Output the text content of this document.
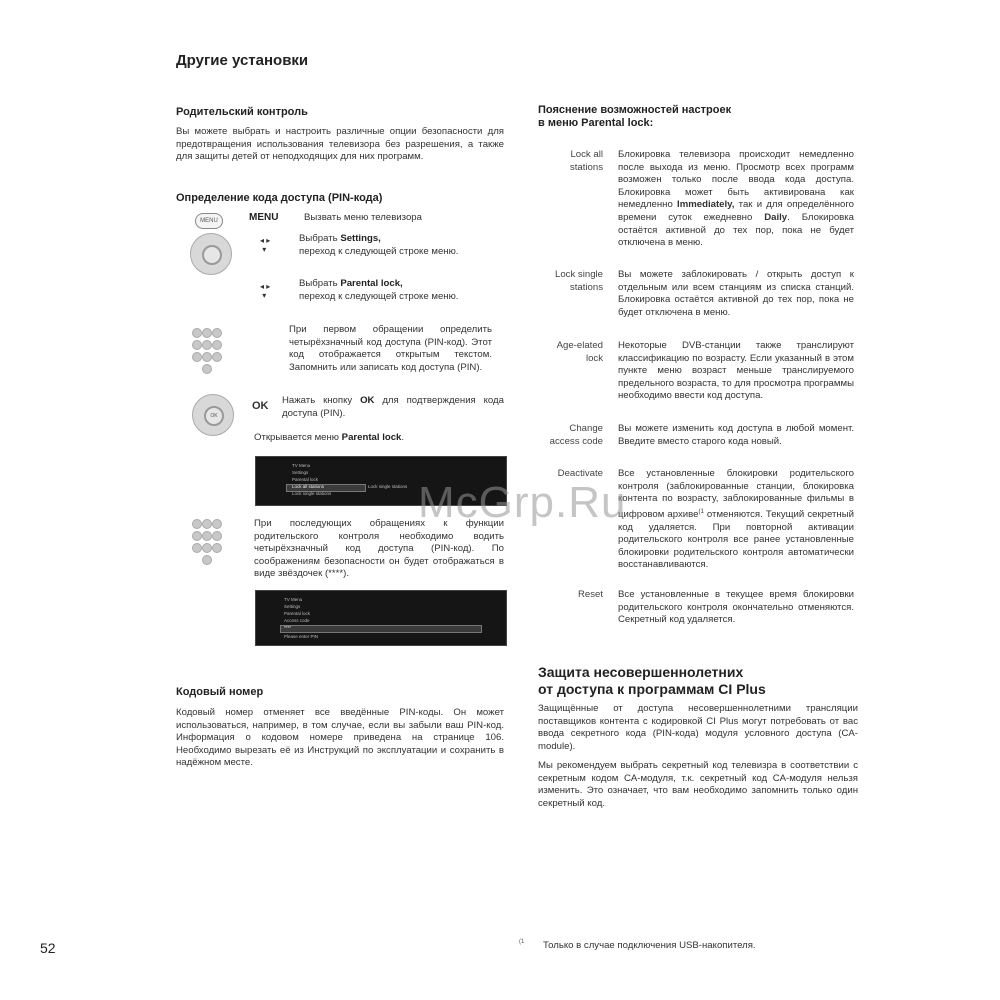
Другие установки
Родительский контроль
Вы можете выбрать и настроить различные опции безопасности для предотвращения использования телевизора без разрешения, а также для защиты детей от неподходящих для них программ.
Определение кода доступа (PIN-кода)
MENU	MENU	Вызвать меню телевизора
◂ ▸
▾
Выбрать Settings,
переход к следующей строке меню.
◂ ▸
▾
Выбрать Parental lock,
переход к следующей строке меню.
При первом обращении определить четырёхзначный код доступа (PIN-код). Этот код отображается открытым текстом. Запомнить или записать код доступа (PIN).
OK
OK Нажать кнопку OK для подтверждения кода доступа (PIN).
Открывается меню Parental lock.
TV Menu
Settings
Parental lock
Lock all stations
Lock single stations
Lock single stations
При последующих обращениях к функции родительского контроля необходимо водить четырёхзначный код доступа (PIN-код). По соображениям безопасности он будет отображаться в виде звёздочек (****).
TV Menu
Settings
Parental lock
Access code
****
Please enter PIN
Кодовый номер
Кодовый номер отменяет все введённые PIN-коды. Он может использоваться, например, в том случае, если вы забыли ваш PIN-код. Информация о кодовом номере приведена на странице 106. Необходимо вырезать её из Инструкций по эксплуатации и сохранить в надёжном месте.
Пояснение возможностей настроек
в меню Parental lock:
Lock all stations
Блокировка телевизора происходит немедленно после выхода из меню. Просмотр всех программ возможен только после ввода кода доступа. Блокировка может быть активирована как немедленно Immediately, так и для определённого времени суток ежедневно Daily. Блокировка остаётся активной до тех пор, пока не будет отключена в меню.
Lock single stations
Вы можете заблокировать / открыть доступ к отдельным или всем станциям из списка станций. Блокировка остаётся активной до тех пор, пока не будет отключена в меню.
Age-elated lock
Некоторые DVB-станции также транслируют классификацию по возрасту. Если указанный в этом пункте меню возраст меньше транслируемого предельного возраста, то для просмотра программы необходимо ввести код доступа.
Change access code
Вы можете изменить код доступа в любой момент. Введите вместо старого кода новый.
Deactivate Все установленные блокировки родительского контроля (заблокированные станции, блокировка контента по возрасту, заблокированные фильмы в цифровом архиве$^{(1}$ отменяются. Текущий секретный код удаляется. При повторной активации родительского контроля все ранее установленные блокировки родительского контроля автоматически восстанавливаются.
Reset Все установленные в текущее время блокировки родительского контроля окончательно отменяются. Секретный код удаляется.
Защита несовершеннолетних
от доступа к программам CI Plus
Защищённые от доступа несовершеннолетними трансляции поставщиков контента с кодировкой CI Plus могут потребовать от вас ввода секретного кода (PIN-кода) модуля условного доступа (CA-module).
Мы рекомендуем выбрать секретный код телевизра в соответствии с секретным кодом CA-модуля, т.к. секретный код CA-модуля нельзя изменить. Это означает, что вам необходимо запомнить только один секретный код.
McGrp.Ru
52	(1 Только в случае подключения USB-накопителя.
